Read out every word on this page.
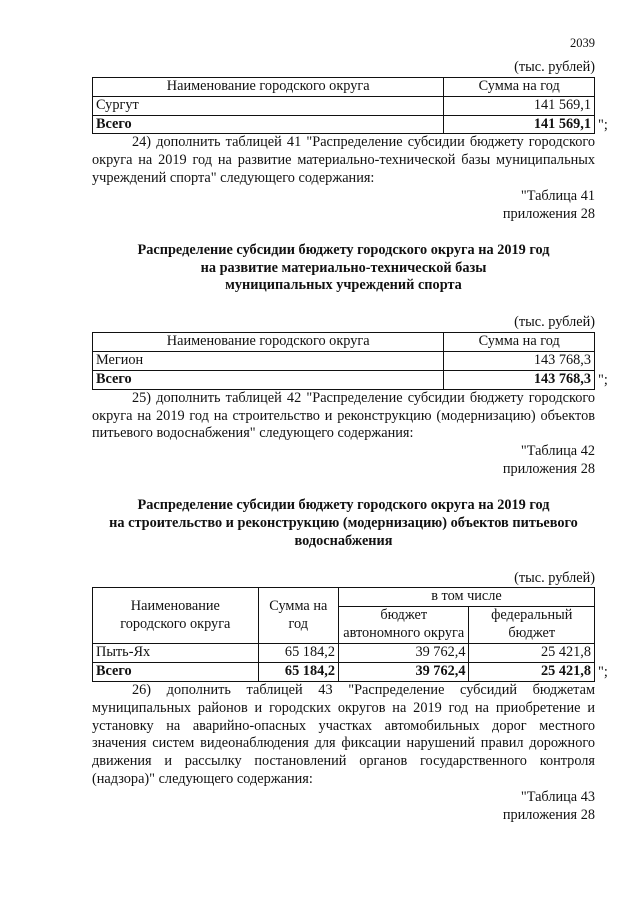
2039

(тыс. рублей)

Наименование городского округа	Сумма на год
Сургут	141 569,1
Всего	141 569,1 ";

24) дополнить таблицей 41 "Распределение субсидии бюджету городского округа на 2019 год на развитие материально-технической базы муниципальных учреждений спорта" следующего содержания:

"Таблица 41

приложения 28

Распределение субсидии бюджету городского округа на 2019 год

на развитие материально-технической базы

муниципальных учреждений спорта

(тыс. рублей)

Наименование городского округа	Сумма на год
Мегион	143 768,3
Всего	143 768,3 ";

25) дополнить таблицей 42 "Распределение субсидии бюджету городского округа на 2019 год на строительство и реконструкцию (модернизацию) объектов питьевого водоснабжения" следующего содержания:

"Таблица 42

приложения 28

Распределение субсидии бюджету городского округа на 2019 год

на строительство и реконструкцию (модернизацию) объектов питьевого

водоснабжения

(тыс. рублей)

Наименование городского округа	Сумма на год	в том числе	
		бюджет автономного округа	федеральный бюджет
Пыть-Ях	65 184,2	39 762,4	25 421,8
Всего	65 184,2	39 762,4	25 421,8 ";

26) дополнить таблицей 43 "Распределение субсидий бюджетам муниципальных районов и городских округов на 2019 год на приобретение и установку на аварийно-опасных участках автомобильных дорог местного значения систем видеонаблюдения для фиксации нарушений правил дорожного движения и рассылку постановлений органов государственного контроля (надзора)" следующего содержания:

"Таблица 43

приложения 28
